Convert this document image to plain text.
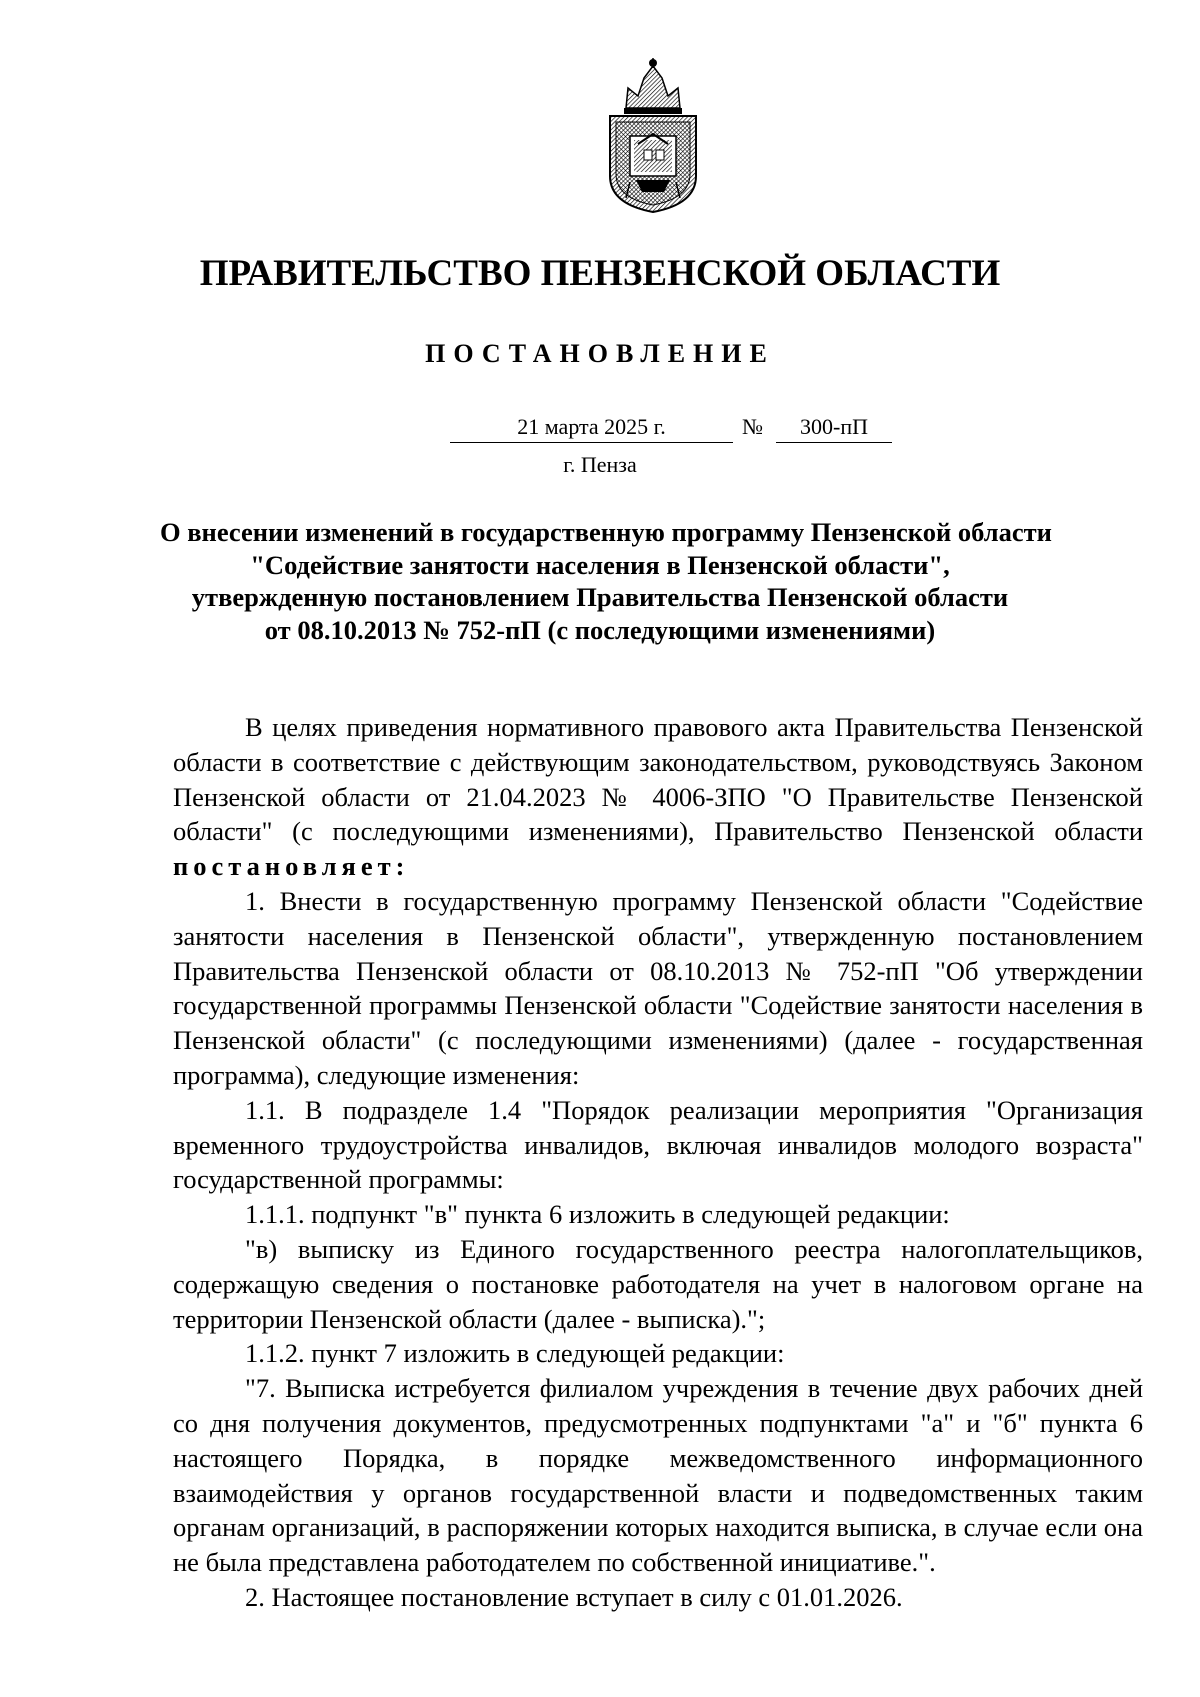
ПРАВИТЕЛЬСТВО ПЕНЗЕНСКОЙ ОБЛАСТИ
ПОСТАНОВЛЕНИЕ
21 марта 2025 г.	№	300-пП
г. Пенза
О внесении изменений в государственную программу Пензенской области
"Содействие занятости населения в Пензенской области",
утвержденную постановлением Правительства Пензенской области
от 08.10.2013 № 752-пП (с последующими изменениями)

В целях приведения нормативного правового акта Правительства Пензенской области в соответствие с действующим законодательством, руководствуясь Законом Пензенской области от 21.04.2023 № 4006-ЗПО "О Правительстве Пензенской области" (с последующими изменениями), Правительство Пензенской области постановляет:

1. Внести в государственную программу Пензенской области "Содействие занятости населения в Пензенской области", утвержденную постановлением Правительства Пензенской области от 08.10.2013 № 752-пП "Об утверждении государственной программы Пензенской области "Содействие занятости населения в Пензенской области" (с последующими изменениями) (далее - государственная программа), следующие изменения:

1.1. В подразделе 1.4 "Порядок реализации мероприятия "Организация временного трудоустройства инвалидов, включая инвалидов молодого возраста" государственной программы:

1.1.1. подпункт "в" пункта 6 изложить в следующей редакции:

"в) выписку из Единого государственного реестра налогоплательщиков, содержащую сведения о постановке работодателя на учет в налоговом органе на территории Пензенской области (далее - выписка).";

1.1.2. пункт 7 изложить в следующей редакции:

"7. Выписка истребуется филиалом учреждения в течение двух рабочих дней со дня получения документов, предусмотренных подпунктами "а" и "б" пункта 6 настоящего Порядка, в порядке межведомственного информационного взаимодействия у органов государственной власти и подведомственных таким органам организаций, в распоряжении которых находится выписка, в случае если она не была представлена работодателем по собственной инициативе.".

2. Настоящее постановление вступает в силу с 01.01.2026.
